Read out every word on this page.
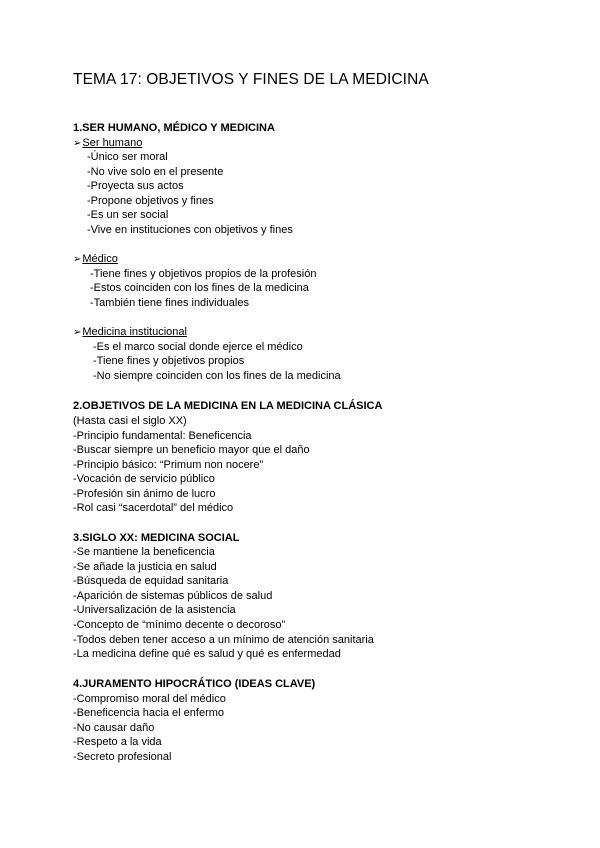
TEMA 17: OBJETIVOS Y FINES DE LA MEDICINA
1.SER HUMANO, MÉDICO Y MEDICINA
➢Ser humano

-Único ser moral

-No vive solo en el presente

-Proyecta sus actos

-Propone objetivos y fines

-Es un ser social

-Vive en instituciones con objetivos y fines

➢Médico

-Tiene fines y objetivos propios de la profesión

-Estos coinciden con los fines de la medicina

-También tiene fines individuales

➢Medicina institucional

-Es el marco social donde ejerce el médico

-Tiene fines y objetivos propios

-No siempre coinciden con los fines de la medicina

2.OBJETIVOS DE LA MEDICINA EN LA MEDICINA CLÁSICA

(Hasta casi el siglo XX)

-Principio fundamental: Beneficencia

-Buscar siempre un beneficio mayor que el daño

-Principio básico: “Primum non nocere”

-Vocación de servicio público

-Profesión sin ánimo de lucro

-Rol casi “sacerdotal” del médico

3.SIGLO XX: MEDICINA SOCIAL

-Se mantiene la beneficencia

-Se añade la justicia en salud

-Búsqueda de equidad sanitaria

-Aparición de sistemas públicos de salud

-Universalización de la asistencia

-Concepto de “mínimo decente o decoroso”

-Todos deben tener acceso a un mínimo de atención sanitaria

-La medicina define qué es salud y qué es enfermedad

4.JURAMENTO HIPOCRÁTICO (IDEAS CLAVE)

-Compromiso moral del médico

-Beneficencia hacia el enfermo

-No causar daño

-Respeto a la vida

-Secreto profesional
